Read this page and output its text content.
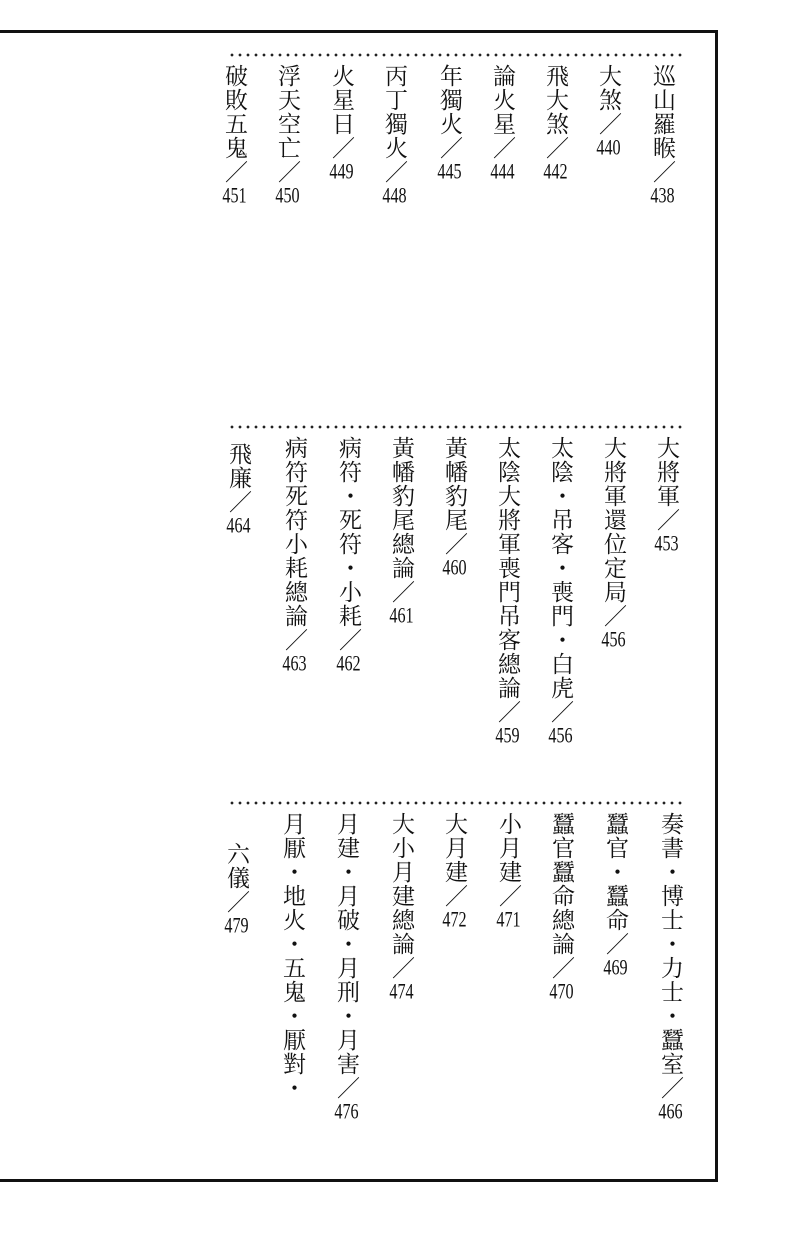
巡山羅睺／438
大煞／440
飛大煞／442
論火星／444
年獨火／445
丙丁獨火／448
火星日／449
浮天空亡／450
破敗五鬼／451
大將軍／453
大將軍還位定局／456
太陰・吊客・喪門・白虎／456
太陰大將軍喪門吊客總論／459
黃幡豹尾／460
黃幡豹尾總論／461
病符・死符・小耗／462
病符死符小耗總論／463
飛廉／464
奏書・博士・力士・蠶室／466
蠶官・蠶命／469
蠶官蠶命總論／470
小月建／471
大月建／472
大小月建總論／474
月建・月破・月刑・月害／476
月厭・地火・五鬼・厭對・
六儀／479
